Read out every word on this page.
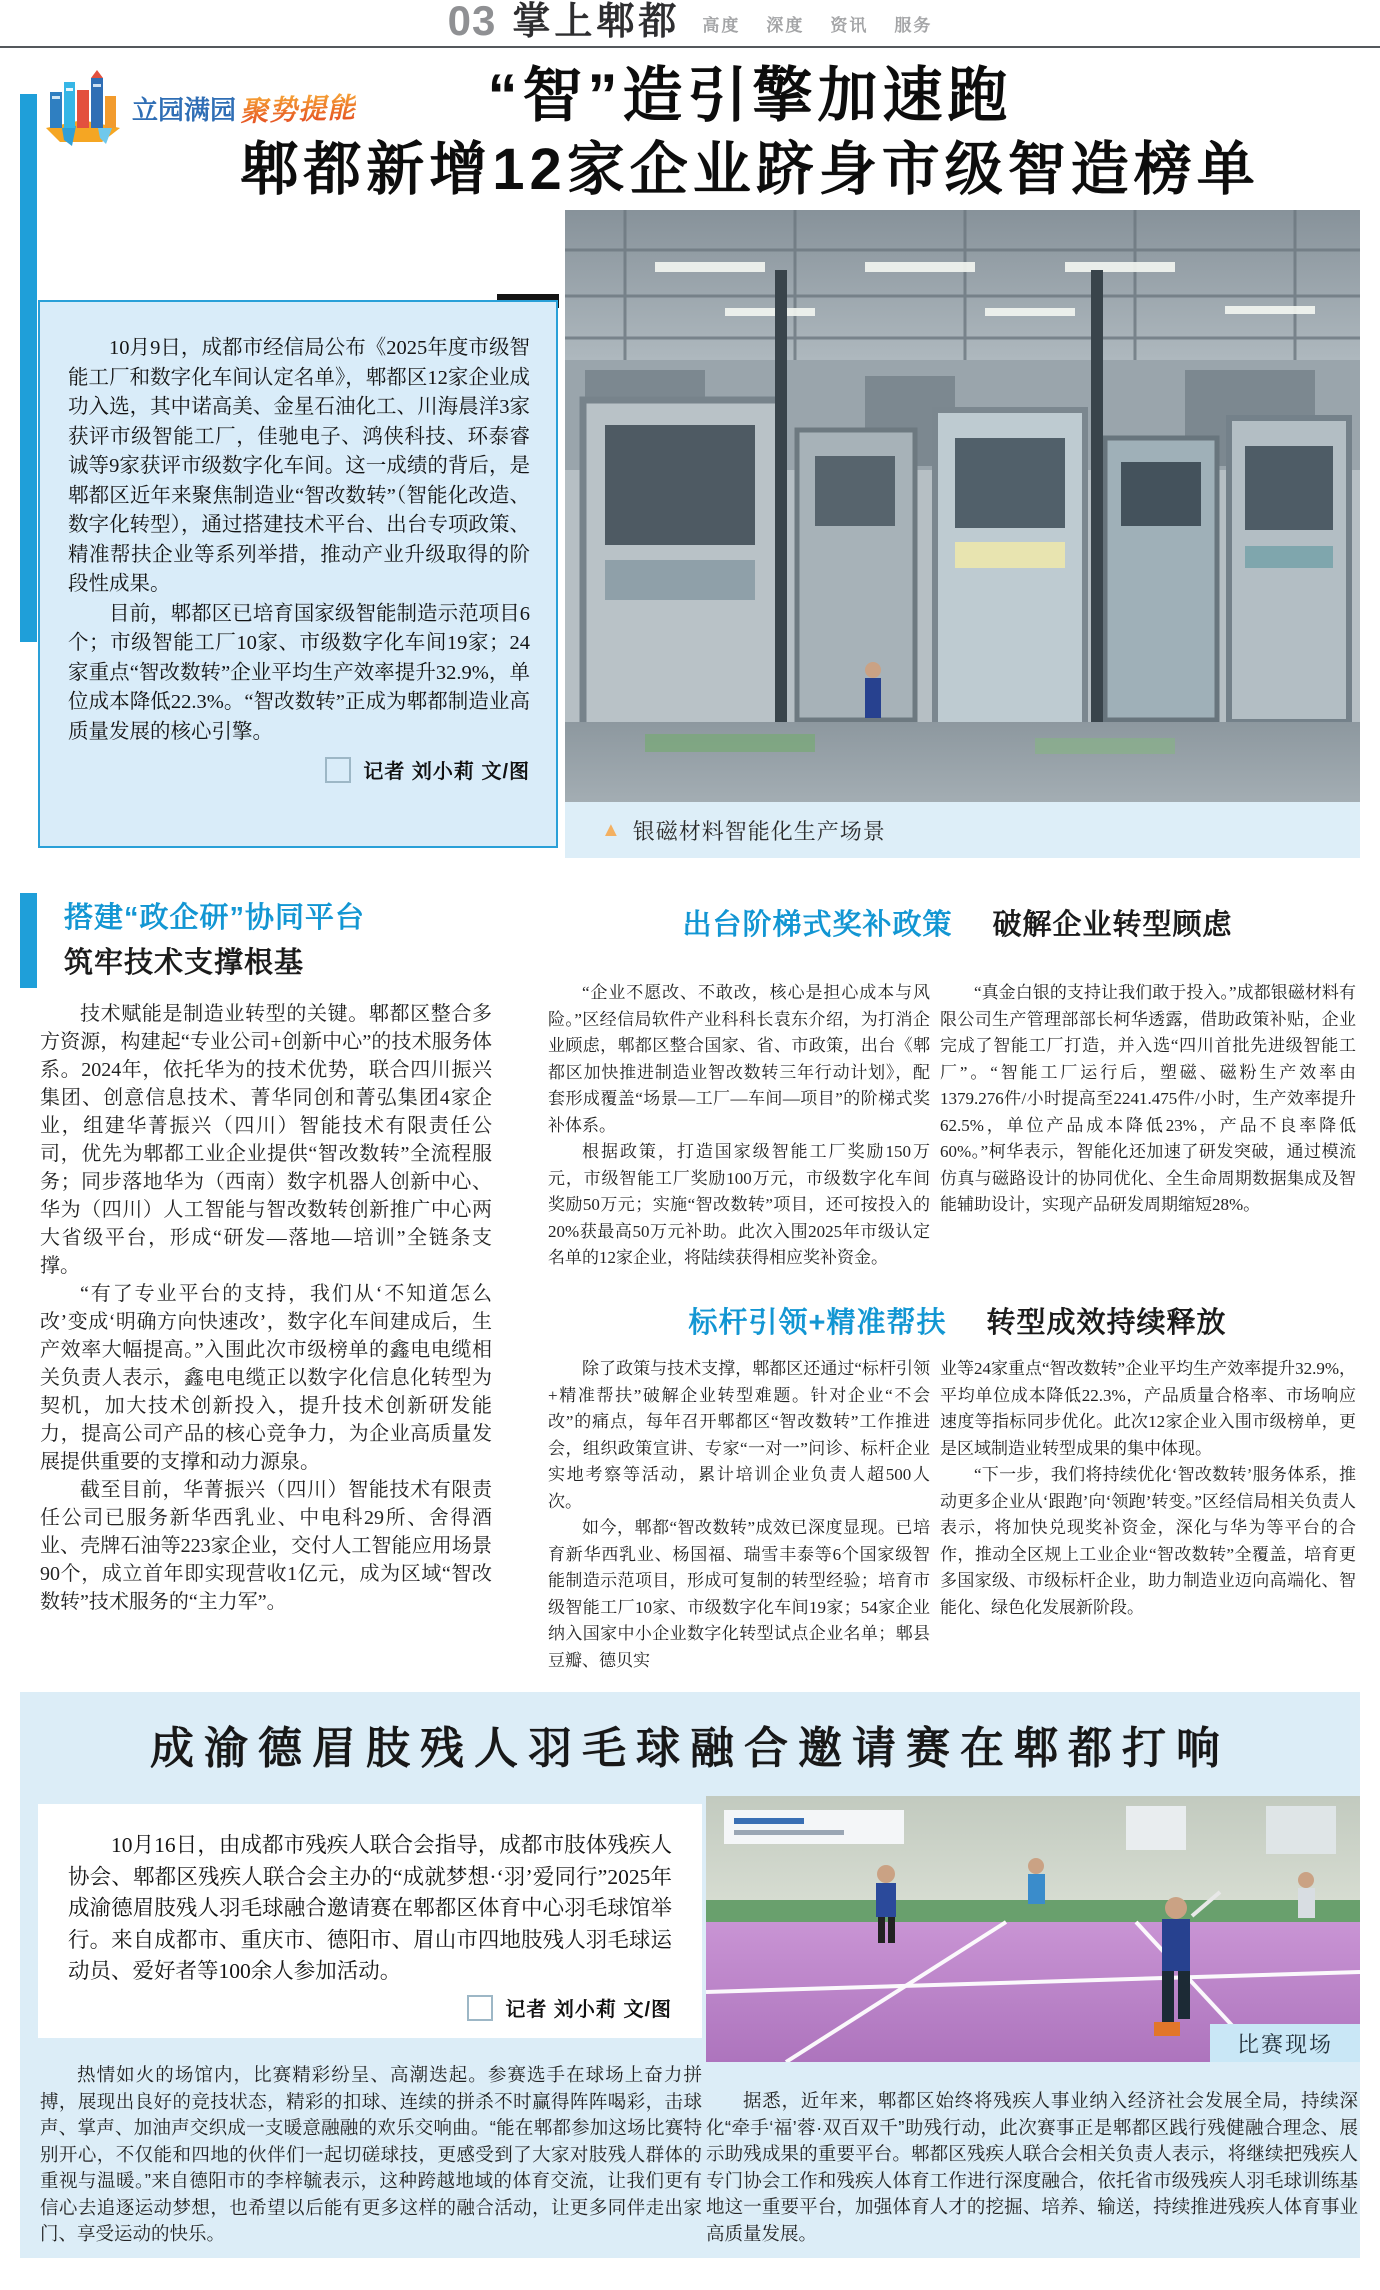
03 掌上郫都 高度 深度 资讯 服务
立园满园 聚势提能	“智”造引擎加速跑
郫都新增12家企业跻身市级智造榜单

10月9日，成都市经信局公布《2025年度市级智能工厂和数字化车间认定名单》，郫都区12家企业成功入选，其中诺高美、金星石油化工、川海晨洋3家获评市级智能工厂，佳驰电子、鸿侠科技、环泰睿诚等9家获评市级数字化车间。这一成绩的背后，是郫都区近年来聚焦制造业“智改数转”（智能化改造、数字化转型），通过搭建技术平台、出台专项政策、精准帮扶企业等系列举措，推动产业升级取得的阶段性成果。

目前，郫都区已培育国家级智能制造示范项目6个；市级智能工厂10家、市级数字化车间19家；24家重点“智改数转”企业平均生产效率提升32.9%，单位成本降低22.3%。“智改数转”正成为郫都制造业高质量发展的核心引擎。

记者 刘小莉 文/图
▲ 银磁材料智能化生产场景
搭建“政企研”协同平台
筑牢技术支撑根基

技术赋能是制造业转型的关键。郫都区整合多方资源，构建起“专业公司+创新中心”的技术服务体系。2024年，依托华为的技术优势，联合四川振兴集团、创意信息技术、菁华同创和菁弘集团4家企业，组建华菁振兴（四川）智能技术有限责任公司，优先为郫都工业企业提供“智改数转”全流程服务；同步落地华为（西南）数字机器人创新中心、华为（四川）人工智能与智改数转创新推广中心两大省级平台，形成“研发—落地—培训”全链条支撑。

“有了专业平台的支持，我们从‘不知道怎么改’变成‘明确方向快速改’，数字化车间建成后，生产效率大幅提高。”入围此次市级榜单的鑫电电缆相关负责人表示，鑫电电缆正以数字化信息化转型为契机，加大技术创新投入，提升技术创新研发能力，提高公司产品的核心竞争力，为企业高质量发展提供重要的支撑和动力源泉。

截至目前，华菁振兴（四川）智能技术有限责任公司已服务新华西乳业、中电科29所、舍得酒业、壳牌石油等223家企业，交付人工智能应用场景90个，成立首年即实现营收1亿元，成为区域“智改数转”技术服务的“主力军”。

出台阶梯式奖补政策 破解企业转型顾虑

“企业不愿改、不敢改，核心是担心成本与风险。”区经信局软件产业科科长袁东介绍，为打消企业顾虑，郫都区整合国家、省、市政策，出台《郫都区加快推进制造业智改数转三年行动计划》，配套形成覆盖“场景—工厂—车间—项目”的阶梯式奖补体系。

根据政策，打造国家级智能工厂奖励150万元，市级智能工厂奖励100万元，市级数字化车间奖励50万元；实施“智改数转”项目，还可按投入的20%获最高50万元补助。此次入围2025年市级认定名单的12家企业，将陆续获得相应奖补资金。

“真金白银的支持让我们敢于投入。”成都银磁材料有限公司生产管理部部长柯华透露，借助政策补贴，企业完成了智能工厂打造，并入选“四川首批先进级智能工厂”。“智能工厂运行后，塑磁、磁粉生产效率由1379.276件/小时提高至2241.475件/小时，生产效率提升62.5%，单位产品成本降低23%，产品不良率降低60%。”柯华表示，智能化还加速了研发突破，通过模流仿真与磁路设计的协同优化、全生命周期数据集成及智能辅助设计，实现产品研发周期缩短28%。

标杆引领+精准帮扶 转型成效持续释放

除了政策与技术支撑，郫都区还通过“标杆引领+精准帮扶”破解企业转型难题。针对企业“不会改”的痛点，每年召开郫都区“智改数转”工作推进会，组织政策宣讲、专家“一对一”问诊、标杆企业实地考察等活动，累计培训企业负责人超500人次。

如今，郫都“智改数转”成效已深度显现。已培育新华西乳业、杨国福、瑞雪丰泰等6个国家级智能制造示范项目，形成可复制的转型经验；培育市级智能工厂10家、市级数字化车间19家；54家企业纳入国家中小企业数字化转型试点企业名单；郫县豆瓣、德贝实

业等24家重点“智改数转”企业平均生产效率提升32.9%，平均单位成本降低22.3%，产品质量合格率、市场响应速度等指标同步优化。此次12家企业入围市级榜单，更是区域制造业转型成果的集中体现。

“下一步，我们将持续优化‘智改数转’服务体系，推动更多企业从‘跟跑’向‘领跑’转变。”区经信局相关负责人表示，将加快兑现奖补资金，深化与华为等平台的合作，推动全区规上工业企业“智改数转”全覆盖，培育更多国家级、市级标杆企业，助力制造业迈向高端化、智能化、绿色化发展新阶段。

成渝德眉肢残人羽毛球融合邀请赛在郫都打响

10月16日，由成都市残疾人联合会指导，成都市肢体残疾人协会、郫都区残疾人联合会主办的“成就梦想·‘羽’爱同行”2025年成渝德眉肢残人羽毛球融合邀请赛在郫都区体育中心羽毛球馆举行。来自成都市、重庆市、德阳市、眉山市四地肢残人羽毛球运动员、爱好者等100余人参加活动。

记者 刘小莉 文/图
比赛现场

热情如火的场馆内，比赛精彩纷呈、高潮迭起。参赛选手在球场上奋力拼搏，展现出良好的竞技状态，精彩的扣球、连续的拼杀不时赢得阵阵喝彩，击球声、掌声、加油声交织成一支暖意融融的欢乐交响曲。“能在郫都参加这场比赛特别开心，不仅能和四地的伙伴们一起切磋球技，更感受到了大家对肢残人群体的重视与温暖。”来自德阳市的李梓毓表示，这种跨越地域的体育交流，让我们更有信心去追逐运动梦想，也希望以后能有更多这样的融合活动，让更多同伴走出家门、享受运动的快乐。

据悉，近年来，郫都区始终将残疾人事业纳入经济社会发展全局，持续深化“牵手‘福’蓉·双百双千”助残行动，此次赛事正是郫都区践行残健融合理念、展示助残成果的重要平台。郫都区残疾人联合会相关负责人表示，将继续把残疾人专门协会工作和残疾人体育工作进行深度融合，依托省市级残疾人羽毛球训练基地这一重要平台，加强体育人才的挖掘、培养、输送，持续推进残疾人体育事业高质量发展。
